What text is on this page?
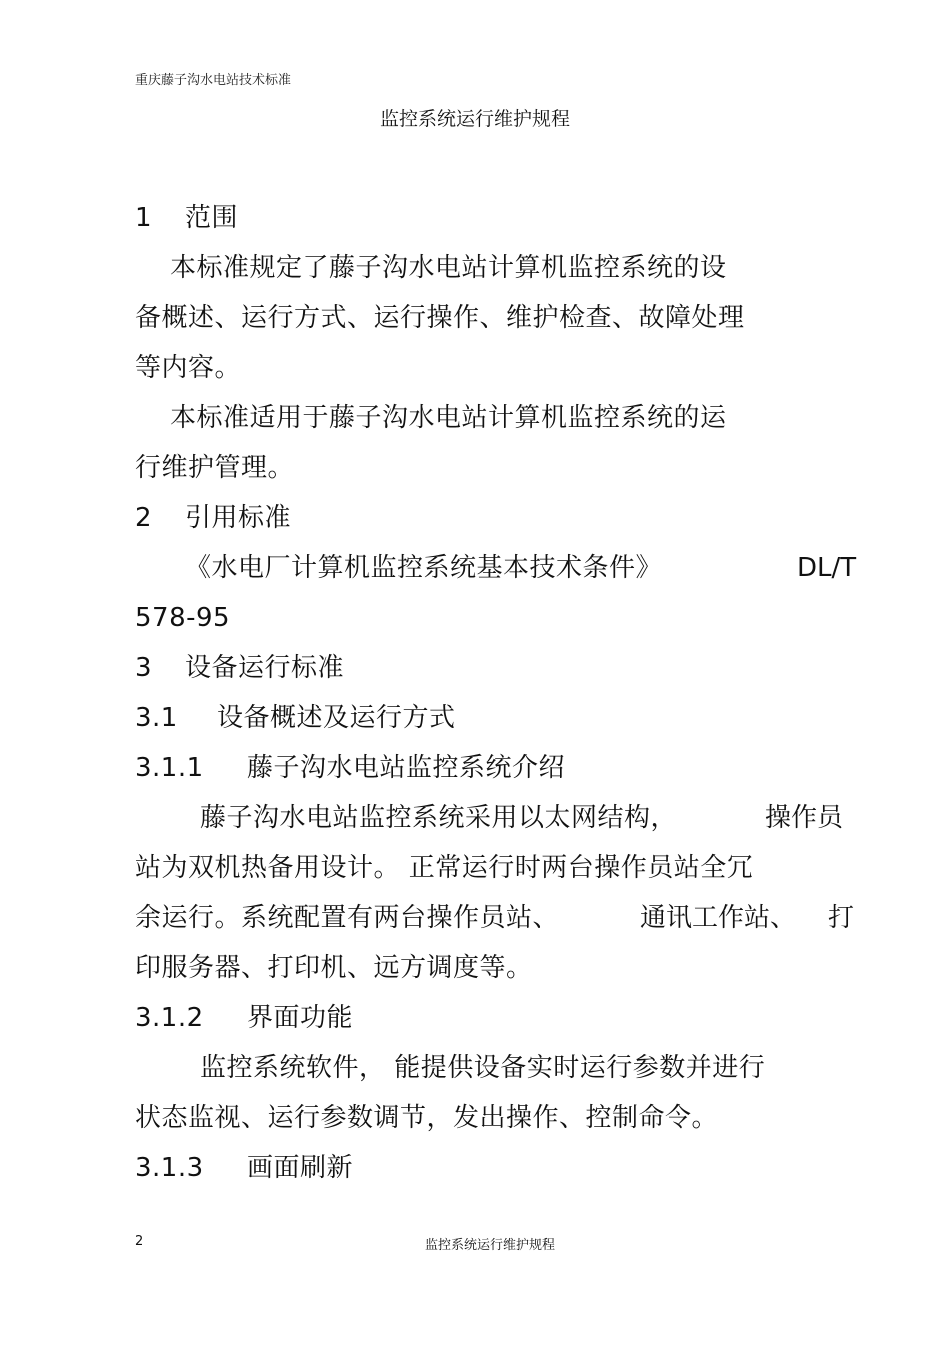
重庆藤子沟水电站技术标准
监控系统运行维护规程
1 范围
本标准规定了藤子沟水电站计算机监控系统的设
备概述、运行方式、运行操作、维护检查、故障处理
等内容。
本标准适用于藤子沟水电站计算机监控系统的运
行维护管理。
2 引用标准
《水电厂计算机监控系统基本技术条件》	DL/T
578-95
3 设备运行标准
3.1 设备概述及运行方式
3.1.1 藤子沟水电站监控系统介绍
藤子沟水电站监控系统采用以太网结构，	操作员
站为双机热备用设计。 正常运行时两台操作员站全冗
余运行。系统配置有两台操作员站、	通讯工作站、 打
印服务器、打印机、远方调度等。
3.1.2 界面功能
监控系统软件， 能提供设备实时运行参数并进行
状态监视、运行参数调节，发出操作、控制命令。
3.1.3 画面刷新
2	监控系统运行维护规程
